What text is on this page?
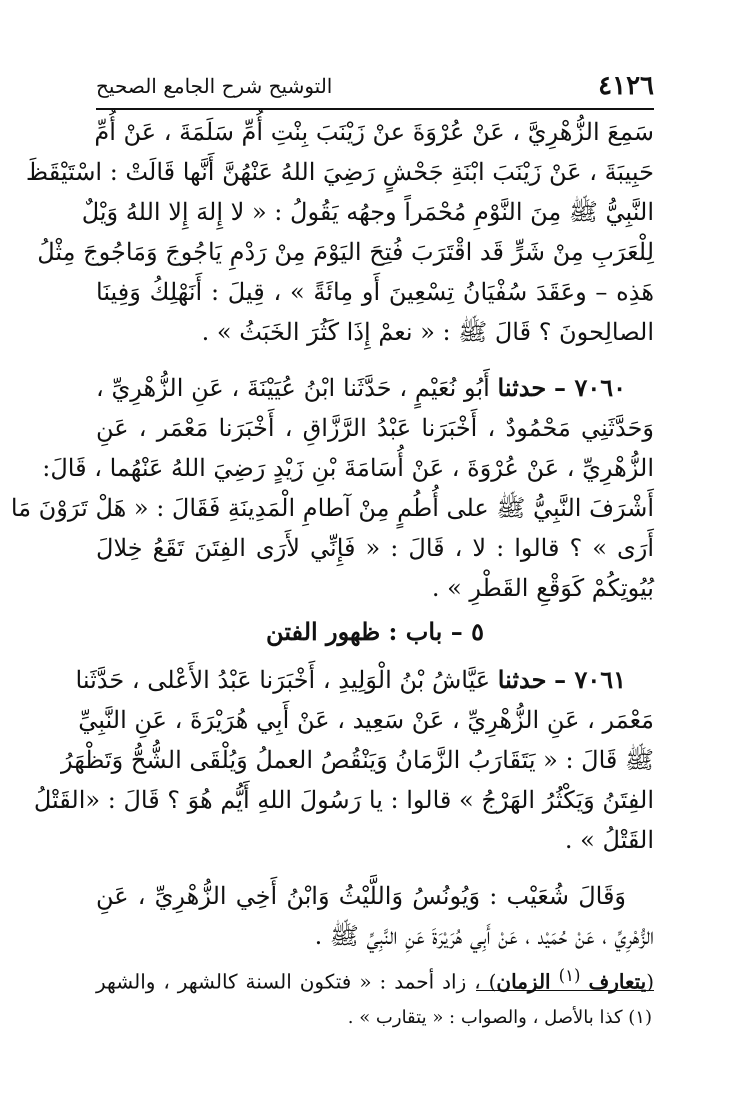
٤١٢٦
التوشيح شرح الجامع الصحيح
سَمِعَ الزُّهْرِيَّ ، عَنْ عُرْوَةَ عنْ زَيْنَبَ بِنْتِ أُمِّ سَلَمَةَ ، عَنْ أُمِّ
حَبِيبَةَ ، عَنْ زَيْنَبَ ابْنَةِ جَحْشٍ رَضِيَ اللهُ عَنْهُنَّ أَنَّها قَالَتْ : اسْتَيْقَظَ
النَّبِيُّ ﷺ مِنَ النَّوْمِ مُحْمَراً وجهُه يَقُولُ : « لا إِلهَ إِلا اللهُ وَيْلٌ
لِلْعَرَبِ مِنْ شَرٍّ قَد اقْتَرَبَ فُتِحَ اليَوْمَ مِنْ رَدْمِ يَاجُوجَ وَمَاجُوجَ مِثْلُ
هَذِه – وعَقَدَ سُفْيَانُ تِسْعِينَ أَو مِائَةً » ، قِيلَ : أَنَهْلِكُ وَفِينَا
الصالِحونَ ؟ قَالَ ﷺ : « نعمْ إِذَا كَثُرَ الخَبَثُ » .
٧٠٦٠ – حدثنا أَبُو نُعَيْمٍ ، حَدَّثَنا ابْنُ عُيَيْنَةَ ، عَنِ الزُّهْرِيِّ ،
وَحَدَّثَنِي مَحْمُودٌ ، أَخْبَرَنا عَبْدُ الرَّزَّاقِ ، أَخْبَرَنا مَعْمَر ، عَنِ
الزُّهْرِيِّ ، عَنْ عُرْوَةَ ، عَنْ أُسَامَةَ بْنِ زَيْدٍ رَضِيَ اللهُ عَنْهُما ، قَالَ:
أَشْرَفَ النَّبِيُّ ﷺ على أُطُمٍ مِنْ آطامِ الْمَدِينَةِ فَقَالَ : « هَلْ تَرَوْنَ مَا
أَرَى » ؟ قالوا : لا ، قَالَ : « فَإِنِّي لأَرَى الفِتَنَ تَقَعُ خِلالَ
بُيُوتِكُمْ كَوَقْعِ القَطْرِ » .
٥ – باب : ظهور الفتن
٧٠٦١ – حدثنا عَيَّاشُ بْنُ الْوَلِيدِ ، أَخْبَرَنا عَبْدُ الأَعْلى ، حَدَّثَنا
مَعْمَر ، عَنِ الزُّهْرِيِّ ، عَنْ سَعِيد ، عَنْ أَبِي هُرَيْرَةَ ، عَنِ النَّبِيِّ
ﷺ قَالَ : « يَتَقَارَبُ الزَّمَانُ وَيَنْقُصُ العملُ وَيُلْقَى الشُّحُّ وَتَظْهَرُ
الفِتَنُ وَيَكْثُرُ الهَرْجُ » قالوا : يا رَسُولَ اللهِ أَيُّم هُوَ ؟ قَالَ : «القَتْلُ
القَتْلُ » .
وَقَالَ شُعَيْب : وَيُونُسُ وَاللَّيْثُ وَابْنُ أَخِي الزُّهْرِيِّ ، عَنِ
الزُّهْرِيِّ ، عَنْ حُمَيْد ، عَنْ أَبِي هُرَيْرَةَ عَنِ النَّبِيِّ ﷺ .
(يتعارف $^{(١)}$ الزمان) ، زاد أحمد : « فتكون السنة كالشهر ، والشهر
(١) كذا بالأصل ، والصواب : « يتقارب » .
